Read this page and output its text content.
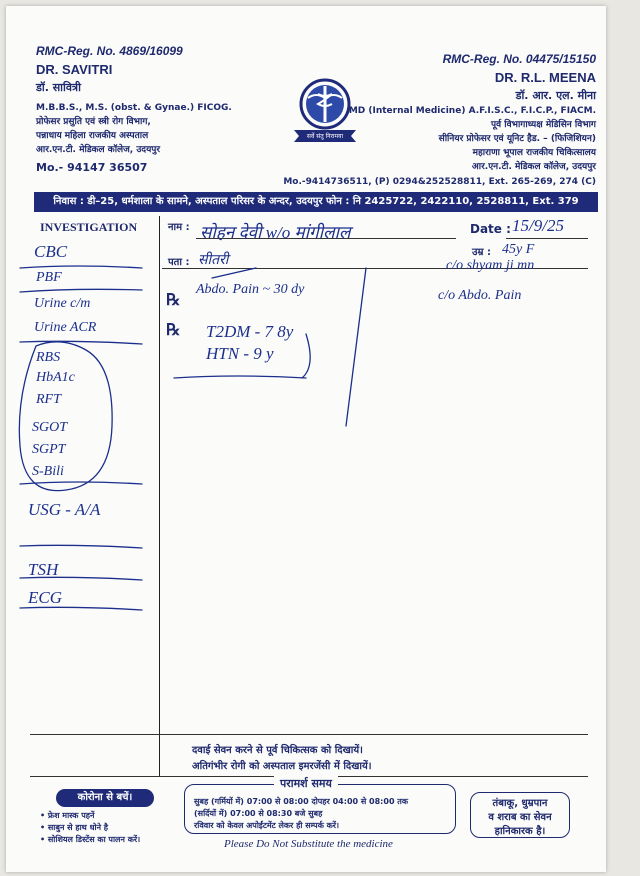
RMC-Reg. No. 4869/16099
DR. SAVITRI
डॉ. सावित्री
M.B.B.S., M.S. (obst. & Gynae.) FICOG.
प्रोफेसर प्रसुति एवं स्त्री रोग विभाग,
पन्नाधाय महिला राजकीय अस्पताल
आर.एन.टी. मेडिकल कॉलेज, उदयपुर
Mo.- 94147 36507
सर्वे संतु निरामया
RMC-Reg. No. 04475/15150
DR. R.L. MEENA
डॉ. आर. एल. मीना
MD (Internal Medicine) A.F.I.S.C., F.I.C.P., FIACM.
पूर्व विभागाध्यक्ष मेडिसिन विभाग
सीनियर प्रोफेसर एवं यूनिट हैड. – (फिजिशियन)
महाराणा भूपाल राजकीय चिकित्सालय
आर.एन.टी. मेडिकल कॉलेज, उदयपुर
Mo.-9414736511, (P) 0294&252528811, Ext. 265-269, 274 (C)
निवास : डी–25, धर्मशाला के सामने, अस्पताल परिसर के अन्दर, उदयपुर फोन : नि 2425722, 2422110, 2528811, Ext. 379
INVESTIGATION	नाम :
पता :
Date :
उम्र :
सोहन देवी w/o मांगीलाल
सीतरी
15/9/25
45y F
c/o shyam ji mn
℞
Abdo. Pain ~ 30 dy	c/o Abdo. Pain
℞ T2DM - 7 8y
HTN - 9 y
CBC
PBF
Urine c/m
Urine ACR
RBS
HbA1c
RFT
SGOT
SGPT
S-Bili
USG - A/A
TSH
ECG
दवाई सेवन करने से पूर्व चिकित्सक को दिखायें।
अतिगंभीर रोगी को अस्पताल इमरजेंसी में दिखायें।
कोरोना से बचें।
• फ्रेश मास्क पहनें
• साबुन से हाथ धोने है
• सोशियल डिस्टेंस का पालन करें।
परामर्श समय
सुबह (गर्मियों में) 07:00 से 08:00 दोपहर 04:00 से 08:00 तक
(सर्दियों में) 07:00 से 08:30 बजे सुबह
रविवार को केवल अपोईंटमेंट लेकर ही सम्पर्क करें।
तंबाकू, धुम्रपान
व शराब का सेवन
हानिकारक है।
Please Do Not Substitute the medicine
